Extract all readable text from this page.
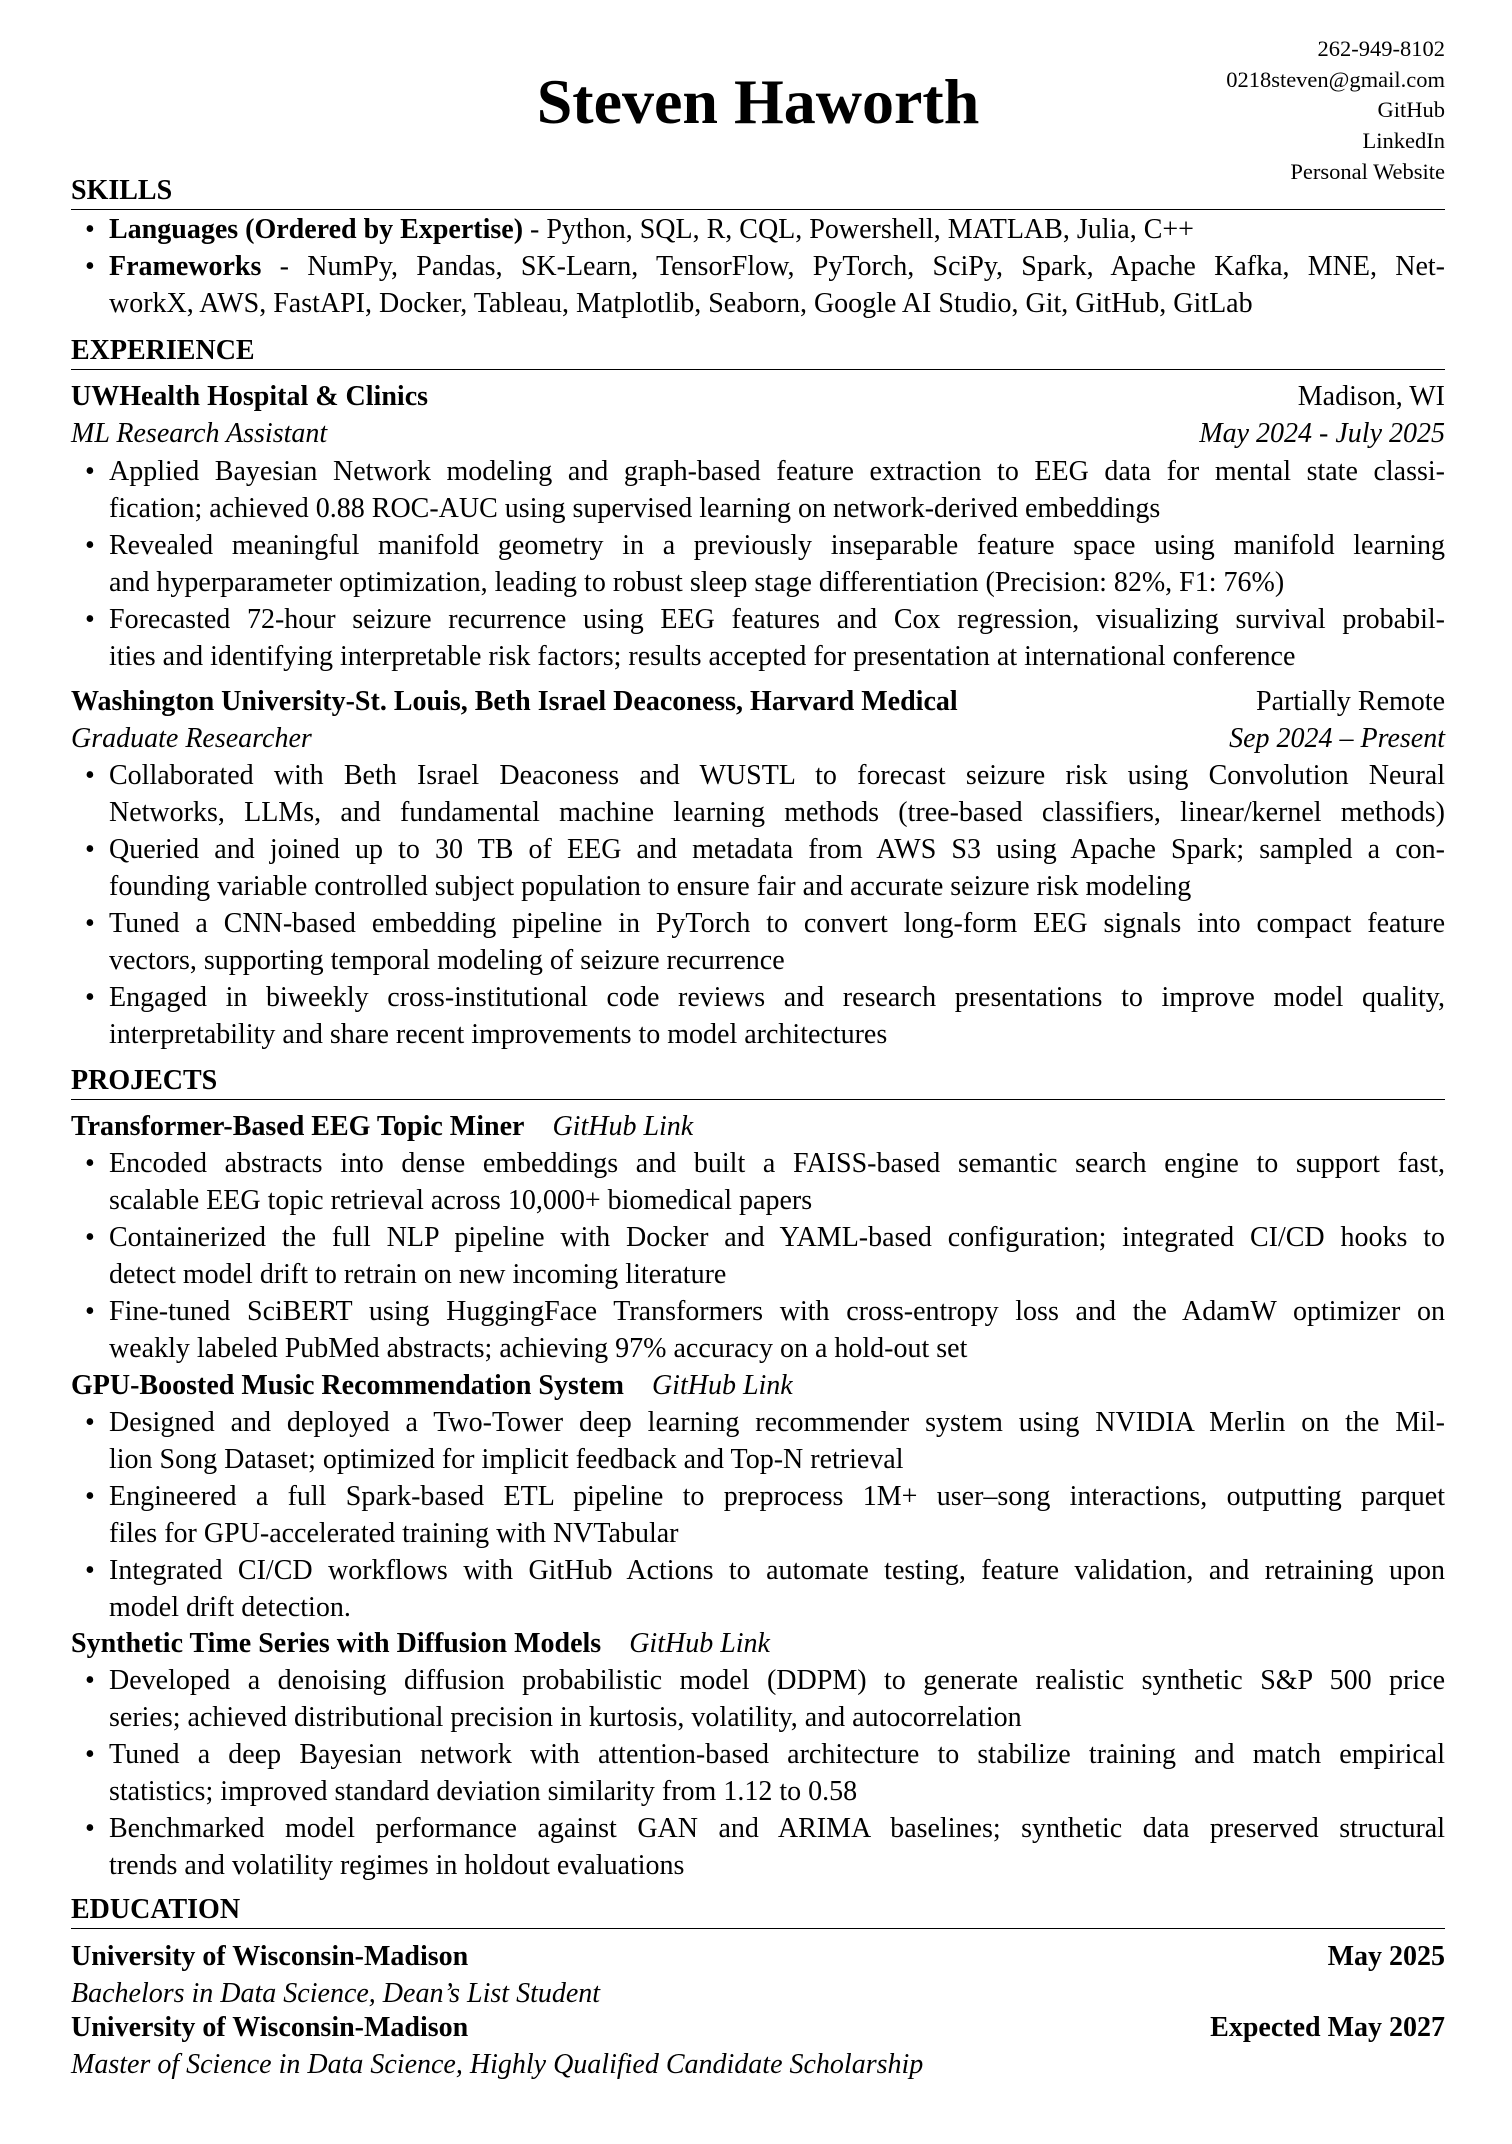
262-949-8102
0218steven@gmail.com
GitHub
LinkedIn
Personal Website
Steven Haworth
SKILLS
• Languages (Ordered by Expertise) - Python, SQL, R, CQL, Powershell, MATLAB, Julia, C++
• Frameworks - NumPy, Pandas, SK-Learn, TensorFlow, PyTorch, SciPy, Spark, Apache Kafka, MNE, Net-
workX, AWS, FastAPI, Docker, Tableau, Matplotlib, Seaborn, Google AI Studio, Git, GitHub, GitLab
EXPERIENCE
UWHealth Hospital & Clinics	Madison, WI
ML Research Assistant	May 2024 - July 2025
• Applied Bayesian Network modeling and graph-based feature extraction to EEG data for mental state classi-
fication; achieved 0.88 ROC-AUC using supervised learning on network-derived embeddings
• Revealed meaningful manifold geometry in a previously inseparable feature space using manifold learning
and hyperparameter optimization, leading to robust sleep stage differentiation (Precision: 82%, F1: 76%)
• Forecasted 72-hour seizure recurrence using EEG features and Cox regression, visualizing survival probabil-
ities and identifying interpretable risk factors; results accepted for presentation at international conference
Washington University-St. Louis, Beth Israel Deaconess, Harvard Medical	Partially Remote
Graduate Researcher	Sep 2024 – Present
• Collaborated with Beth Israel Deaconess and WUSTL to forecast seizure risk using Convolution Neural
Networks, LLMs, and fundamental machine learning methods (tree-based classifiers, linear/kernel methods)
• Queried and joined up to 30 TB of EEG and metadata from AWS S3 using Apache Spark; sampled a con-
founding variable controlled subject population to ensure fair and accurate seizure risk modeling
• Tuned a CNN-based embedding pipeline in PyTorch to convert long-form EEG signals into compact feature
vectors, supporting temporal modeling of seizure recurrence
• Engaged in biweekly cross-institutional code reviews and research presentations to improve model quality,
interpretability and share recent improvements to model architectures
PROJECTS
Transformer-Based EEG Topic Miner GitHub Link
• Encoded abstracts into dense embeddings and built a FAISS-based semantic search engine to support fast,
scalable EEG topic retrieval across 10,000+ biomedical papers
• Containerized the full NLP pipeline with Docker and YAML-based configuration; integrated CI/CD hooks to
detect model drift to retrain on new incoming literature
• Fine-tuned SciBERT using HuggingFace Transformers with cross-entropy loss and the AdamW optimizer on
weakly labeled PubMed abstracts; achieving 97% accuracy on a hold-out set
GPU-Boosted Music Recommendation System GitHub Link
• Designed and deployed a Two-Tower deep learning recommender system using NVIDIA Merlin on the Mil-
lion Song Dataset; optimized for implicit feedback and Top-N retrieval
• Engineered a full Spark-based ETL pipeline to preprocess 1M+ user–song interactions, outputting parquet
files for GPU-accelerated training with NVTabular
• Integrated CI/CD workflows with GitHub Actions to automate testing, feature validation, and retraining upon
model drift detection.
Synthetic Time Series with Diffusion Models GitHub Link
• Developed a denoising diffusion probabilistic model (DDPM) to generate realistic synthetic S&P 500 price
series; achieved distributional precision in kurtosis, volatility, and autocorrelation
• Tuned a deep Bayesian network with attention-based architecture to stabilize training and match empirical
statistics; improved standard deviation similarity from 1.12 to 0.58
• Benchmarked model performance against GAN and ARIMA baselines; synthetic data preserved structural
trends and volatility regimes in holdout evaluations
EDUCATION
University of Wisconsin-Madison	May 2025
Bachelors in Data Science, Dean’s List Student
University of Wisconsin-Madison	Expected May 2027
Master of Science in Data Science, Highly Qualified Candidate Scholarship
